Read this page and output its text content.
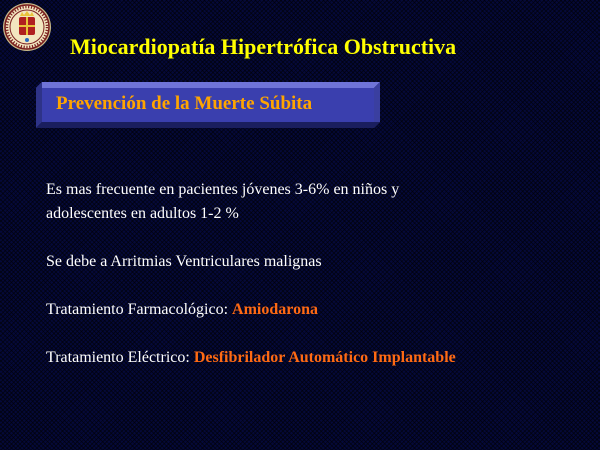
Miocardiopatía Hipertrófica Obstructiva
Prevención de la Muerte Súbita

Es mas frecuente en pacientes jóvenes 3-6% en niños y
adolescentes en adultos 1-2 %

Se debe a Arritmias Ventriculares malignas

Tratamiento Farmacológico: Amiodarona

Tratamiento Eléctrico: Desfibrilador Automático Implantable
